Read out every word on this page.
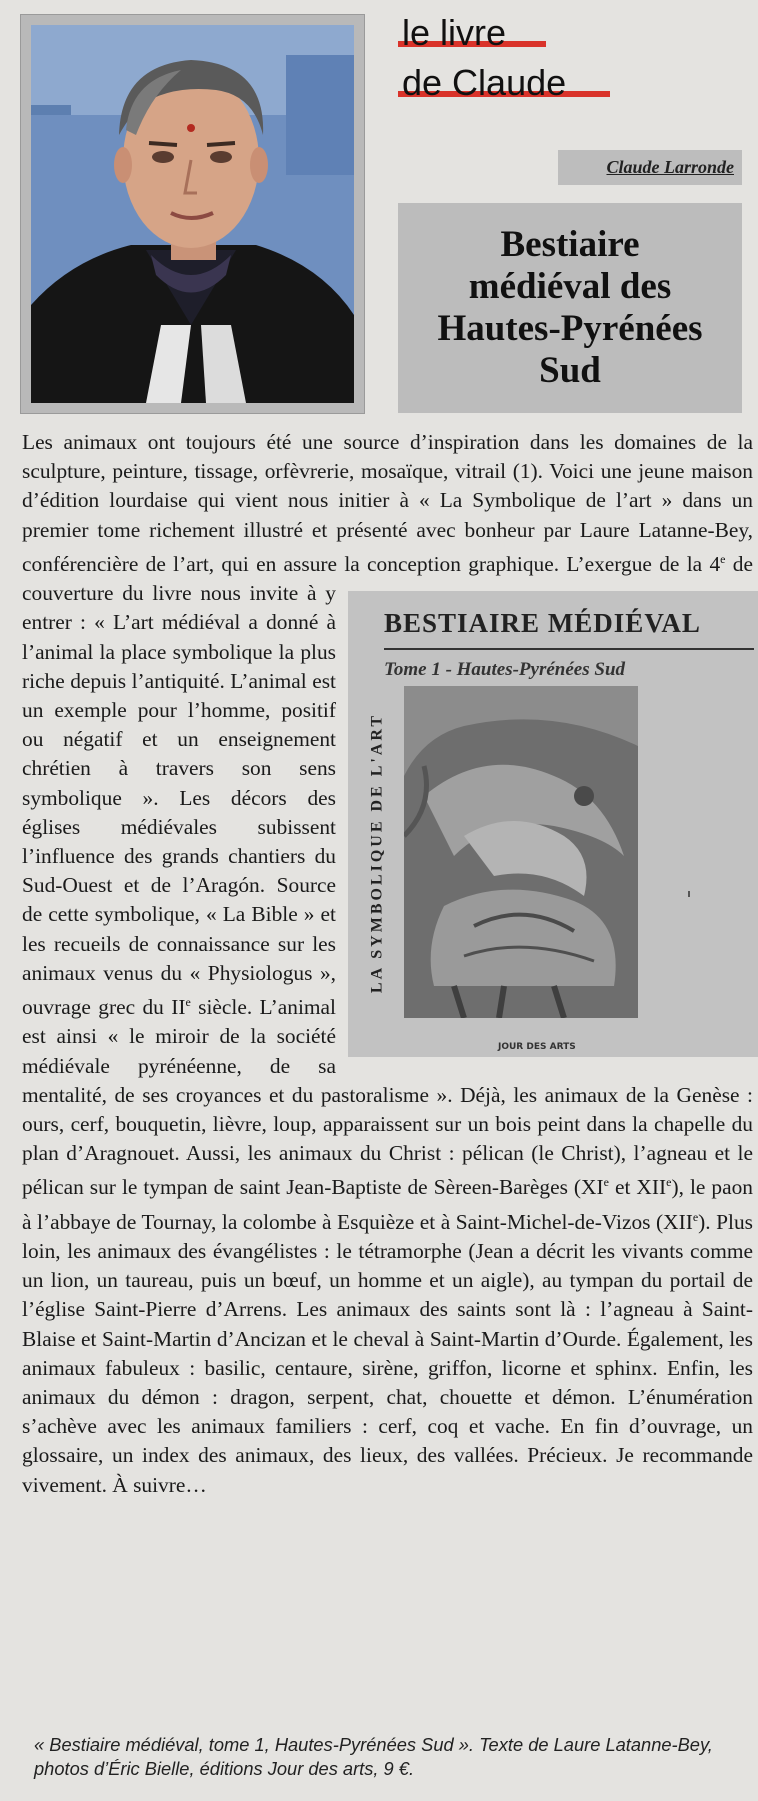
le livre
de Claude
Claude Larronde
Bestiaire
médiéval des
Hautes-Pyrénées
Sud
Les animaux ont toujours été une source d’inspiration dans les domaines de la sculpture, peinture, tissage, orfèvrerie, mosaïque, vitrail (1). Voici une jeune maison d’édition lourdaise qui vient nous initier à « La Symbolique de l’art » dans un premier tome richement illustré et présenté avec bonheur par Laure Latanne-Bey, conférencière de l’art, qui en assure la conception graphique. L’exergue de la 4e
BESTIAIRE MÉDIÉVAL
Tome 1 - Hautes-Pyrénées Sud
LA SYMBOLIQUE DE L'ART
JOUR DES ARTS
de couverture du livre nous invite à y entrer : « L’art médiéval a donné à l’animal la place symbolique la plus riche depuis l’antiquité. L’animal est un exemple pour l’homme, positif ou négatif et un enseignement chrétien à travers son sens symbolique ». Les décors des églises médiévales subissent l’influence des grands chantiers du Sud-Ouest et de l’Aragón. Source de cette symbolique, « La Bible » et les recueils de connaissance sur les animaux venus du « Physiologus », ouvrage grec du IIe siècle. L’animal est ainsi « le miroir de la société médiévale pyrénéenne, de sa mentalité, de ses croyances et du pastoralisme ». Déjà, les animaux de la Genèse : ours, cerf, bouquetin, lièvre, loup, apparaissent sur un bois peint dans la chapelle du plan d’Aragnouet. Aussi, les animaux du Christ : pélican (le Christ), l’agneau et le pélican sur le tympan de saint Jean-Baptiste de Sèreen-Barèges (XIe et XIIe), le paon à l’abbaye de Tournay, la colombe à Esquièze et à Saint-Michel-de-Vizos (XIIe). Plus loin, les animaux des évangélistes : le tétramorphe (Jean a décrit les vivants comme un lion, un taureau, puis un bœuf, un homme et un aigle), au tympan du portail de l’église Saint-Pierre d’Arrens. Les animaux des saints sont là : l’agneau à Saint-Blaise et Saint-Martin d’Ancizan et le cheval à Saint-Martin d’Ourde. Également, les animaux fabuleux : basilic, centaure, sirène, griffon, licorne et sphinx. Enfin, les animaux du démon : dragon, serpent, chat, chouette et démon. L’énumération s’achève avec les animaux familiers : cerf, coq et vache. En fin d’ouvrage, un glossaire, un index des animaux, des lieux, des vallées. Précieux. Je recommande vivement. À suivre…
« Bestiaire médiéval, tome 1, Hautes-Pyrénées Sud ». Texte de Laure Latanne-Bey, photos d’Éric Bielle, éditions Jour des arts, 9 €.
